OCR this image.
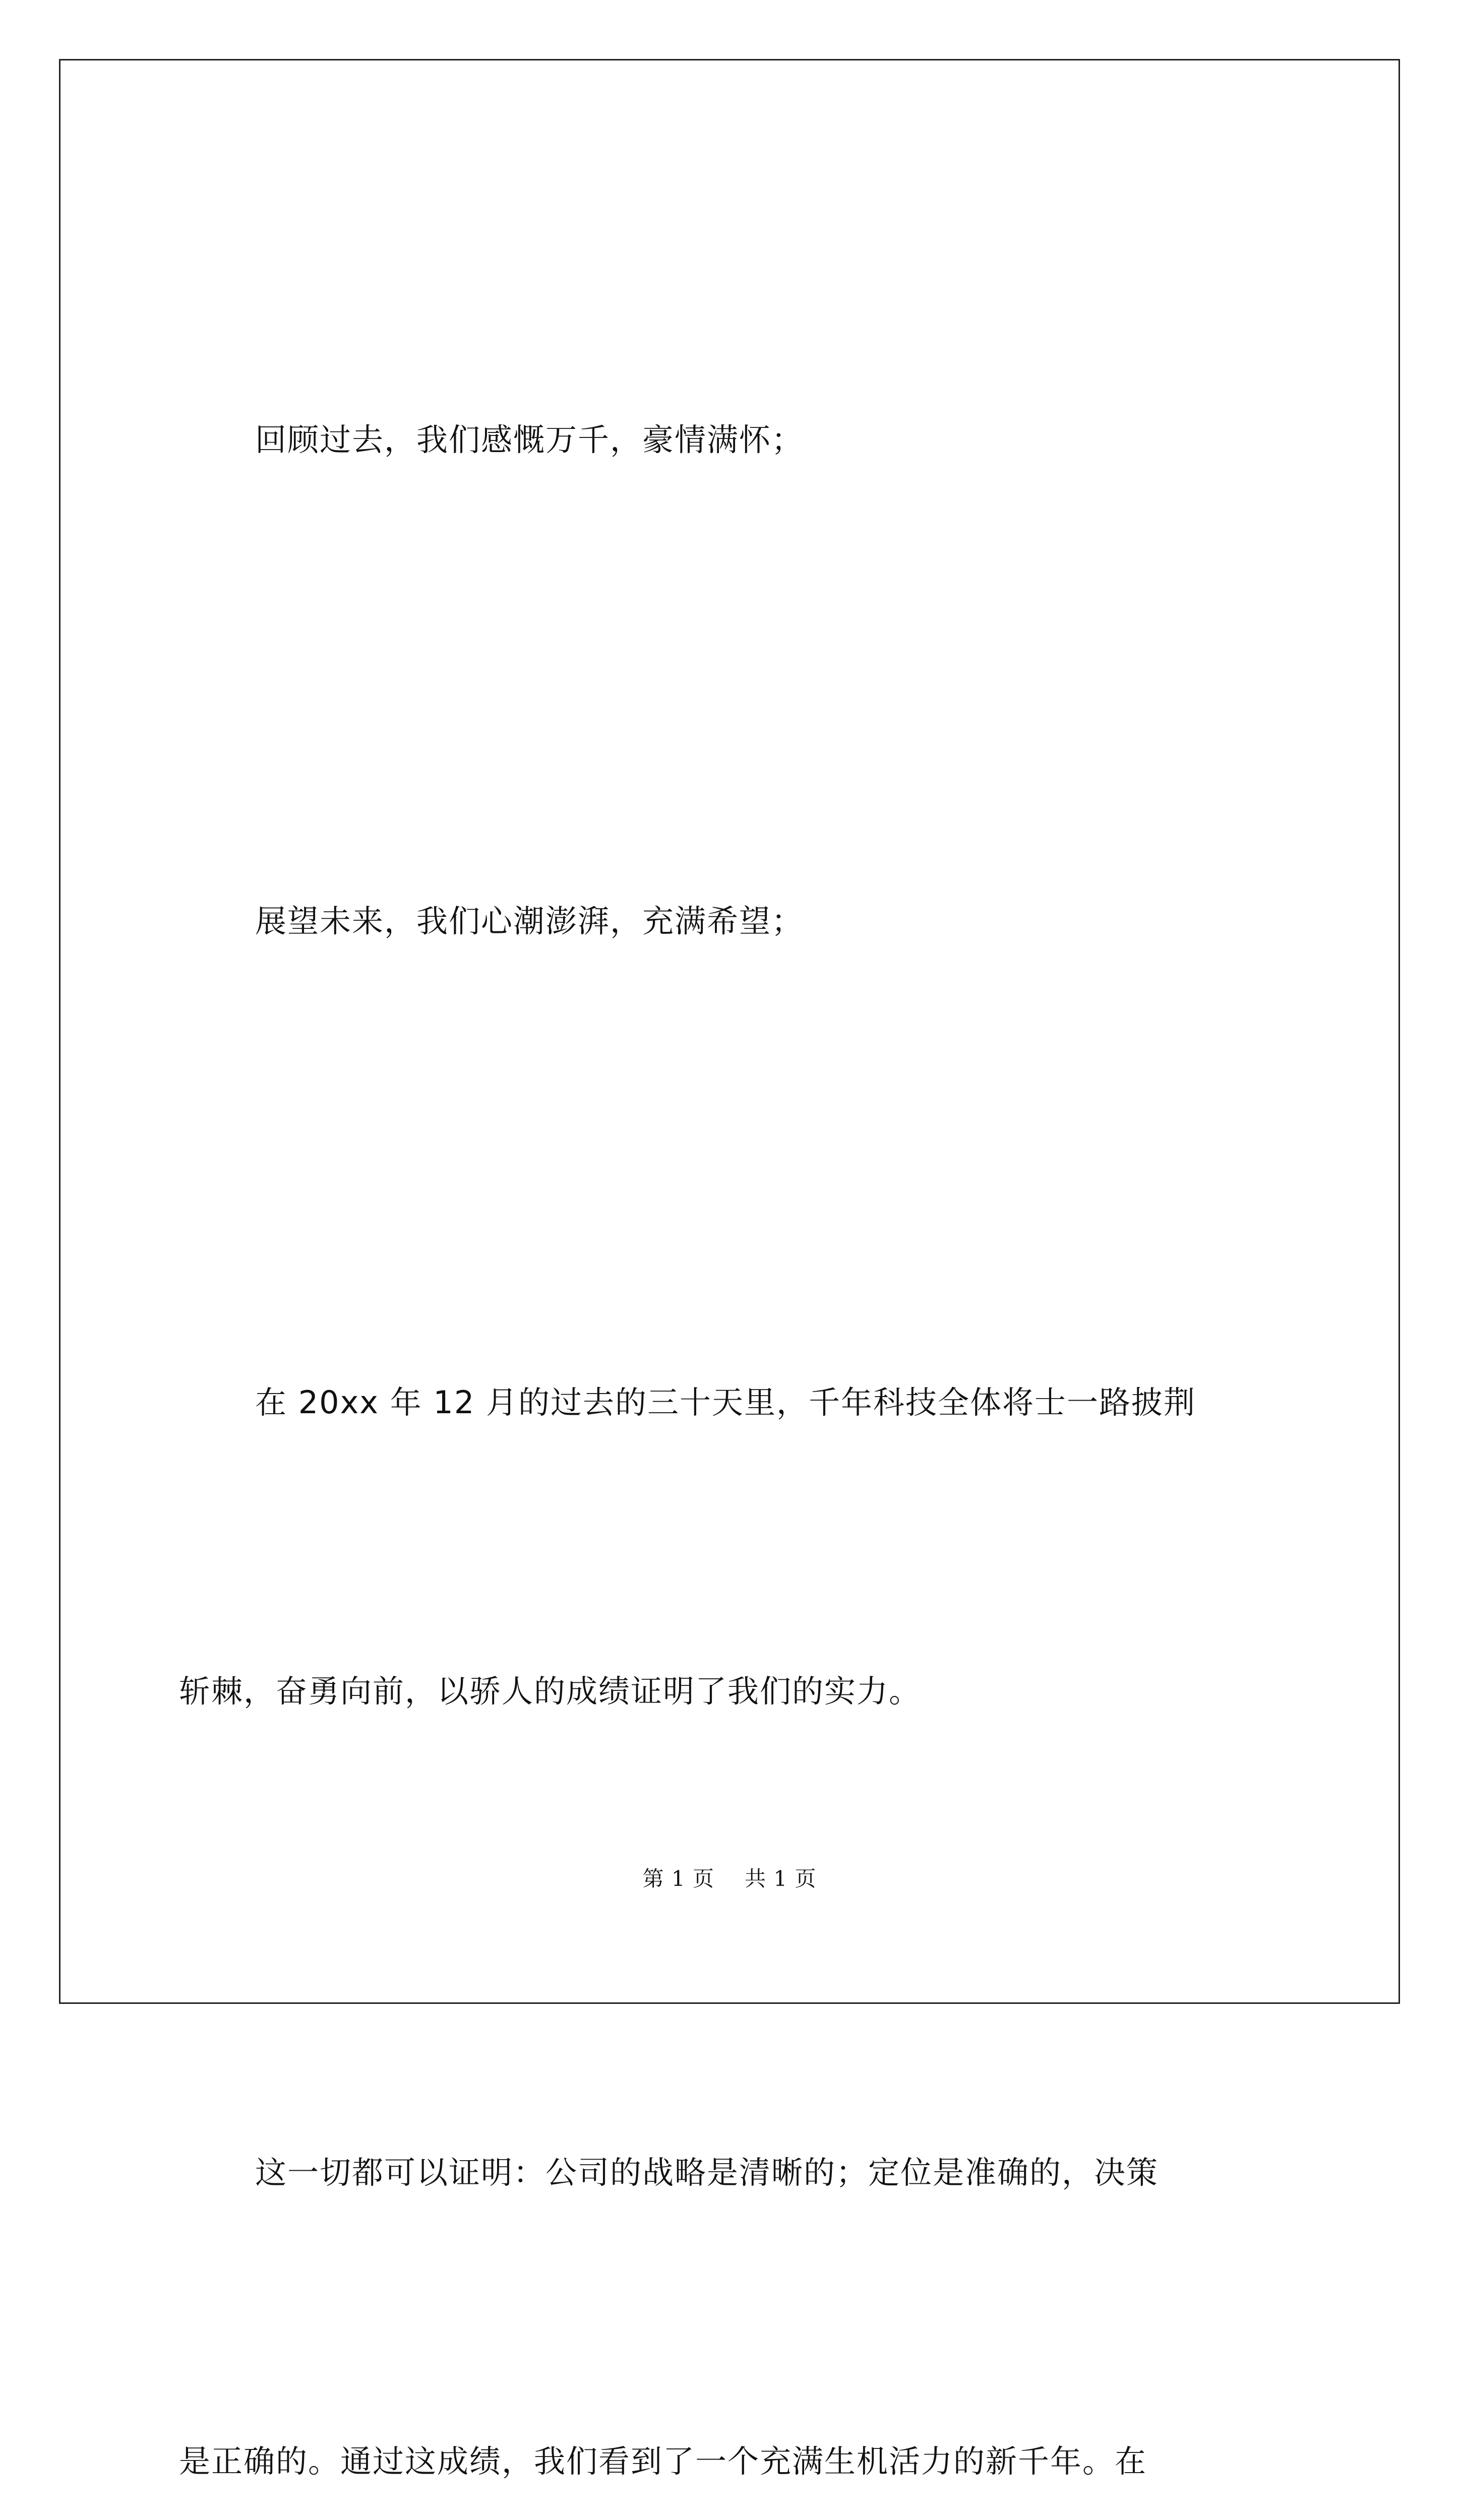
回顾过去，我们感慨万千，豪情满怀；

展望未来，我们心潮澎湃，充满希望；

在 20xx 年 12 月的过去的三十天里，千年科技全体将士一路披荆

斩棘，奋勇向前，以骄人的成绩证明了我们的实力。

这一切都可以证明：公司的战略是清晰的；定位是准确的，决策

是正确的。通过这成绩，我们看到了一个充满生机活力的新千年。在

第 1 页 共 1 页
